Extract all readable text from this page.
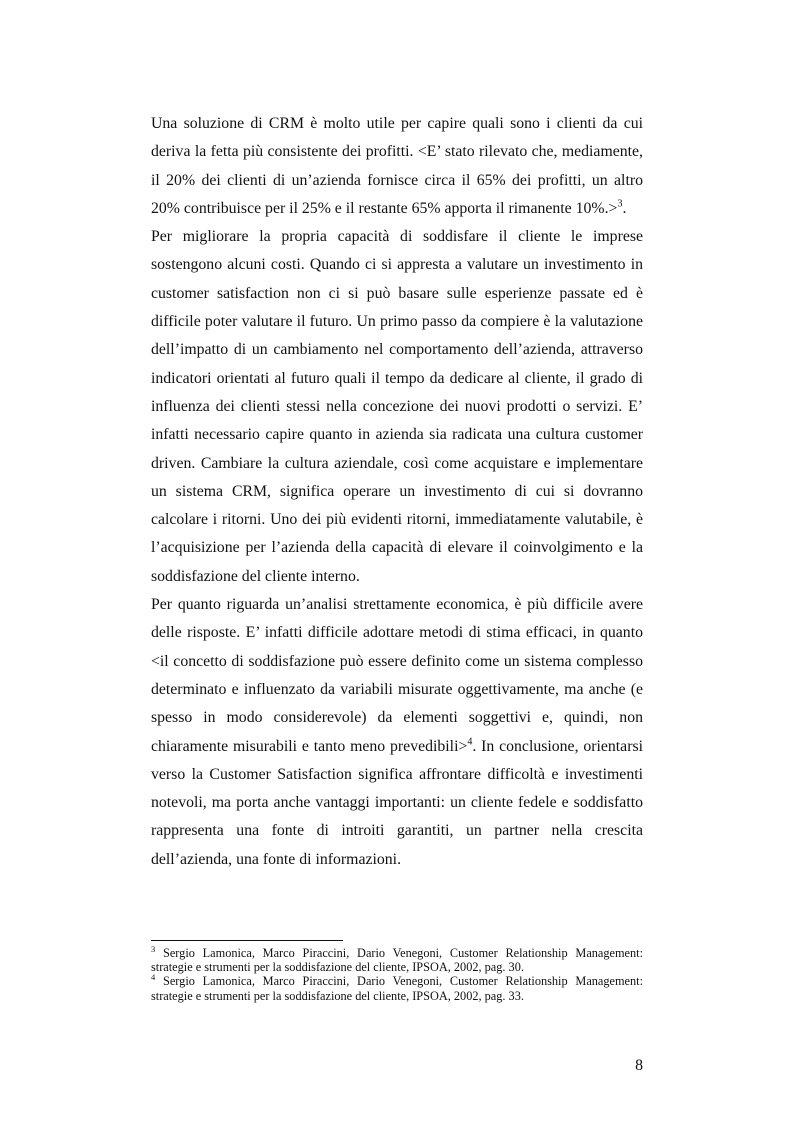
Una soluzione di CRM è molto utile per capire quali sono i clienti da cui deriva la fetta più consistente dei profitti. <E’ stato rilevato che, mediamente, il 20% dei clienti di un’azienda fornisce circa il 65% dei profitti, un altro 20% contribuisce per il 25% e il restante 65% apporta il rimanente 10%.>$^3$.

Per migliorare la propria capacità di soddisfare il cliente le imprese sostengono alcuni costi. Quando ci si appresta a valutare un investimento in customer satisfaction non ci si può basare sulle esperienze passate ed è difficile poter valutare il futuro. Un primo passo da compiere è la valutazione dell’impatto di un cambiamento nel comportamento dell’azienda, attraverso indicatori orientati al futuro quali il tempo da dedicare al cliente, il grado di influenza dei clienti stessi nella concezione dei nuovi prodotti o servizi. E’ infatti necessario capire quanto in azienda sia radicata una cultura customer driven. Cambiare la cultura aziendale, così come acquistare e implementare un sistema CRM, significa operare un investimento di cui si dovranno calcolare i ritorni. Uno dei più evidenti ritorni, immediatamente valutabile, è l’acquisizione per l’azienda della capacità di elevare il coinvolgimento e la soddisfazione del cliente interno.

Per quanto riguarda un’analisi strettamente economica, è più difficile avere delle risposte. E’ infatti difficile adottare metodi di stima efficaci, in quanto <il concetto di soddisfazione può essere definito come un sistema complesso determinato e influenzato da variabili misurate oggettivamente, ma anche (e spesso in modo considerevole) da elementi soggettivi e, quindi, non chiaramente misurabili e tanto meno prevedibili>$^4$. In conclusione, orientarsi verso la Customer Satisfaction significa affrontare difficoltà e investimenti notevoli, ma porta anche vantaggi importanti: un cliente fedele e soddisfatto rappresenta una fonte di introiti garantiti, un partner nella crescita dell’azienda, una fonte di informazioni.

$^3$ Sergio Lamonica, Marco Piraccini, Dario Venegoni, Customer Relationship Management: strategie e strumenti per la soddisfazione del cliente, IPSOA, 2002, pag. 30.

$^4$ Sergio Lamonica, Marco Piraccini, Dario Venegoni, Customer Relationship Management: strategie e strumenti per la soddisfazione del cliente, IPSOA, 2002, pag. 33.

8
